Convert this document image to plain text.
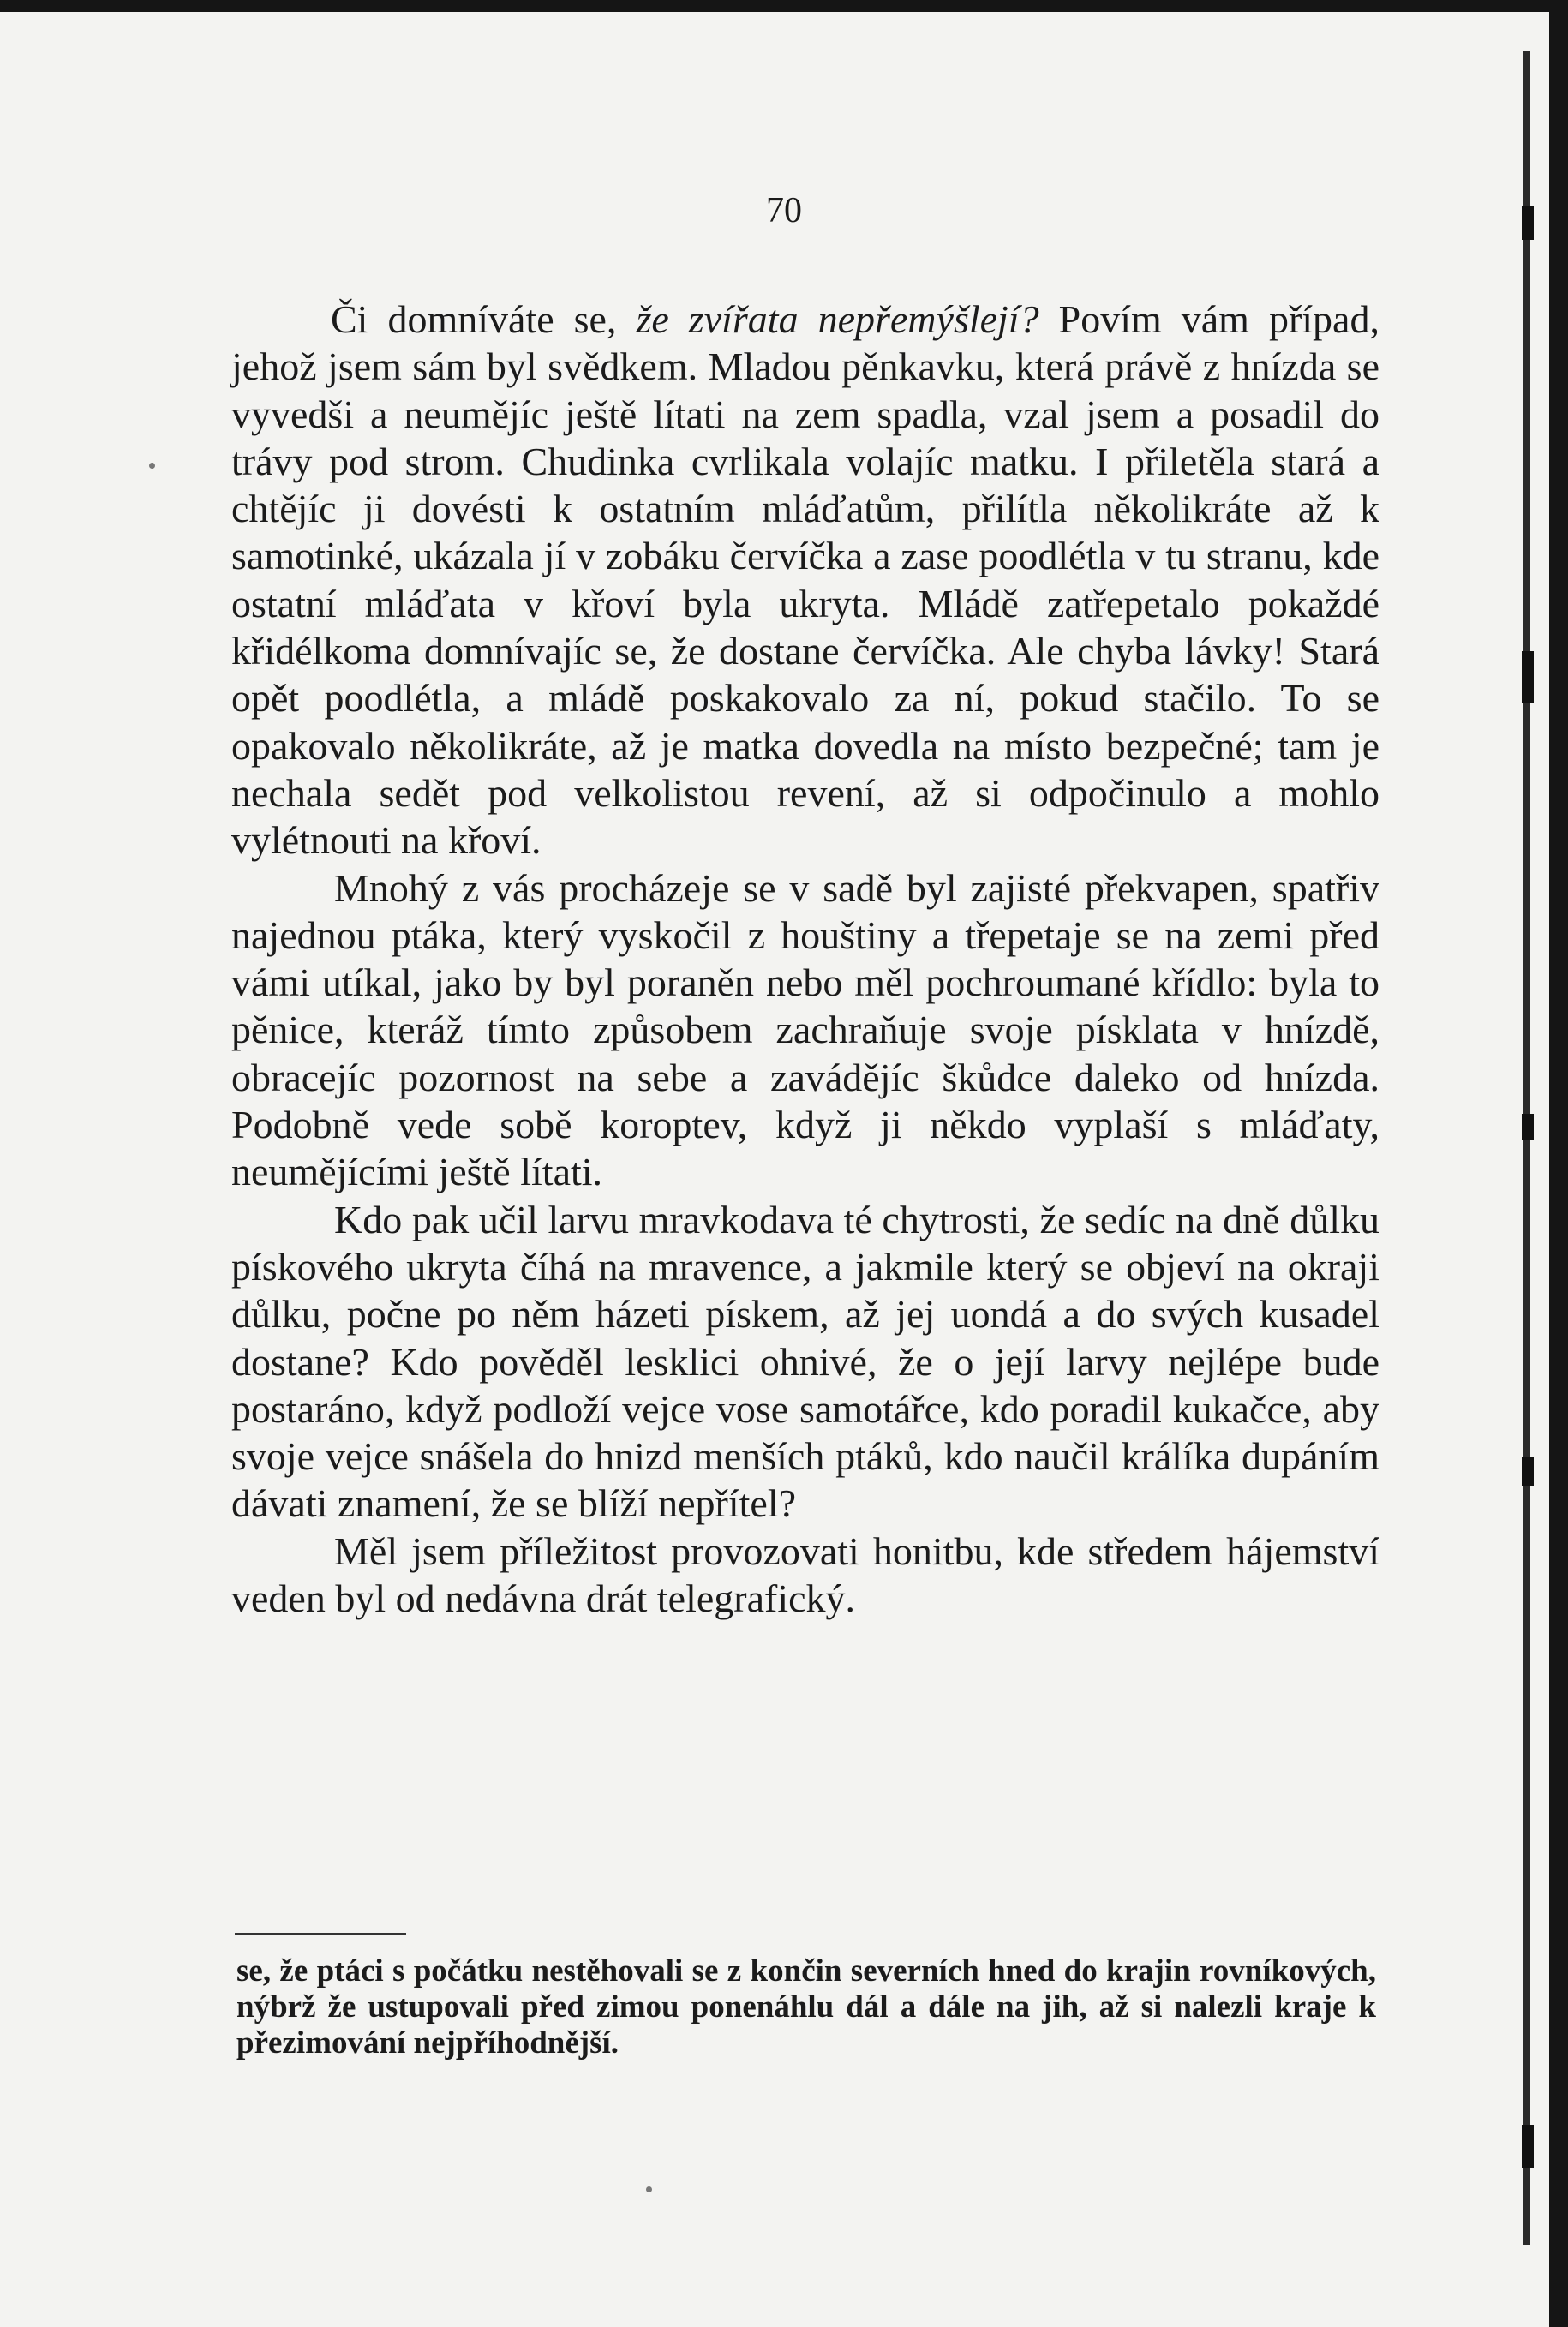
70

Či domníváte se, že zvířata nepřemýšlejí? Povím vám případ, jehož jsem sám byl svědkem. Mladou pěnkavku, která právě z hnízda se vyvedši a neumějíc ještě lítati na zem spadla, vzal jsem a posadil do trávy pod strom. Chudinka cvrlikala volajíc matku. I přiletěla stará a chtějíc ji dovésti k ostatním mláďatům, přilítla několikráte až k samotinké, ukázala jí v zobáku červíčka a zase poodlétla v tu stranu, kde ostatní mláďata v křoví byla ukryta. Mládě zatřepetalo pokaždé křidélkoma domnívajíc se, že dostane červíčka. Ale chyba lávky! Stará opět poodlétla, a mládě poskakovalo za ní, pokud stačilo. To se opakovalo několikráte, až je matka dovedla na místo bezpečné; tam je nechala sedět pod velkolistou revení, až si odpočinulo a mohlo vylétnouti na křoví.

Mnohý z vás procházeje se v sadě byl zajisté překvapen, spatřiv najednou ptáka, který vyskočil z houštiny a třepetaje se na zemi před vámi utíkal, jako by byl poraněn nebo měl pochroumané křídlo: byla to pěnice, kteráž tímto způsobem zachraňuje svoje písklata v hnízdě, obracejíc pozornost na sebe a zavádějíc škůdce daleko od hnízda. Podobně vede sobě koroptev, když ji někdo vyplaší s mláďaty, neumějícími ještě lítati.

Kdo pak učil larvu mravkodava té chytrosti, že sedíc na dně důlku pískového ukryta číhá na mravence, a jakmile který se objeví na okraji důlku, počne po něm házeti pískem, až jej uondá a do svých kusadel dostane? Kdo pověděl lesklici ohnivé, že o její larvy nejlépe bude postaráno, když podloží vejce vose samotářce, kdo poradil kukačce, aby svoje vejce snášela do hnizd menších ptáků, kdo naučil králíka dupáním dávati znamení, že se blíží nepřítel?

Měl jsem příležitost provozovati honitbu, kde středem hájemství veden byl od nedávna drát telegrafický.

se, že ptáci s počátku nestěhovali se z končin severních hned do krajin rovníkových, nýbrž že ustupovali před zimou ponenáhlu dál a dále na jih, až si nalezli kraje k přezimování nejpříhodnější.
